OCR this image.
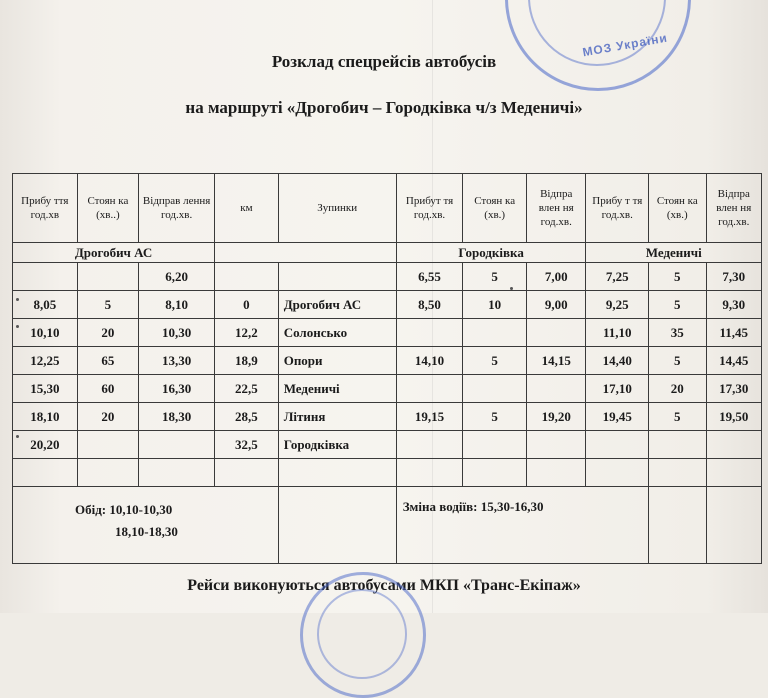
МОЗ України
Розклад спецрейсів автобусів
на маршруті «Дрогобич – Городківка ч/з Меденичі»
Прибу ття год.хв	Стоян ка (хв..)	Відправ лення год.хв.	км	Зупинки	Прибут тя год.хв.	Стоян ка (хв.)	Відпра влен ня год.хв.	Прибу т тя год.хв.	Стоян ка (хв.)	Відпра влен ня год.хв.
Дрогобич АС					Городківка			Меденичі		
		6,20			6,55	5	7,00	7,25	5	7,30
8,05	5	8,10	0	Дрогобич АС	8,50	10	9,00	9,25	5	9,30
10,10	20	10,30	12,2	Солонсько				11,10	35	11,45
12,25	65	13,30	18,9	Опори	14,10	5	14,15	14,40	5	14,45
15,30	60	16,30	22,5	Меденичі				17,10	20	17,30
18,10	20	18,30	28,5	Літиня	19,15	5	19,20	19,45	5	19,50
20,20			32,5	Городківка						

Обід: 10,10-10,30
18,10-18,30					Зміна водіїв: 15,30-16,30					
Рейси виконуються автобусами МКП «Транс-Екіпаж»
